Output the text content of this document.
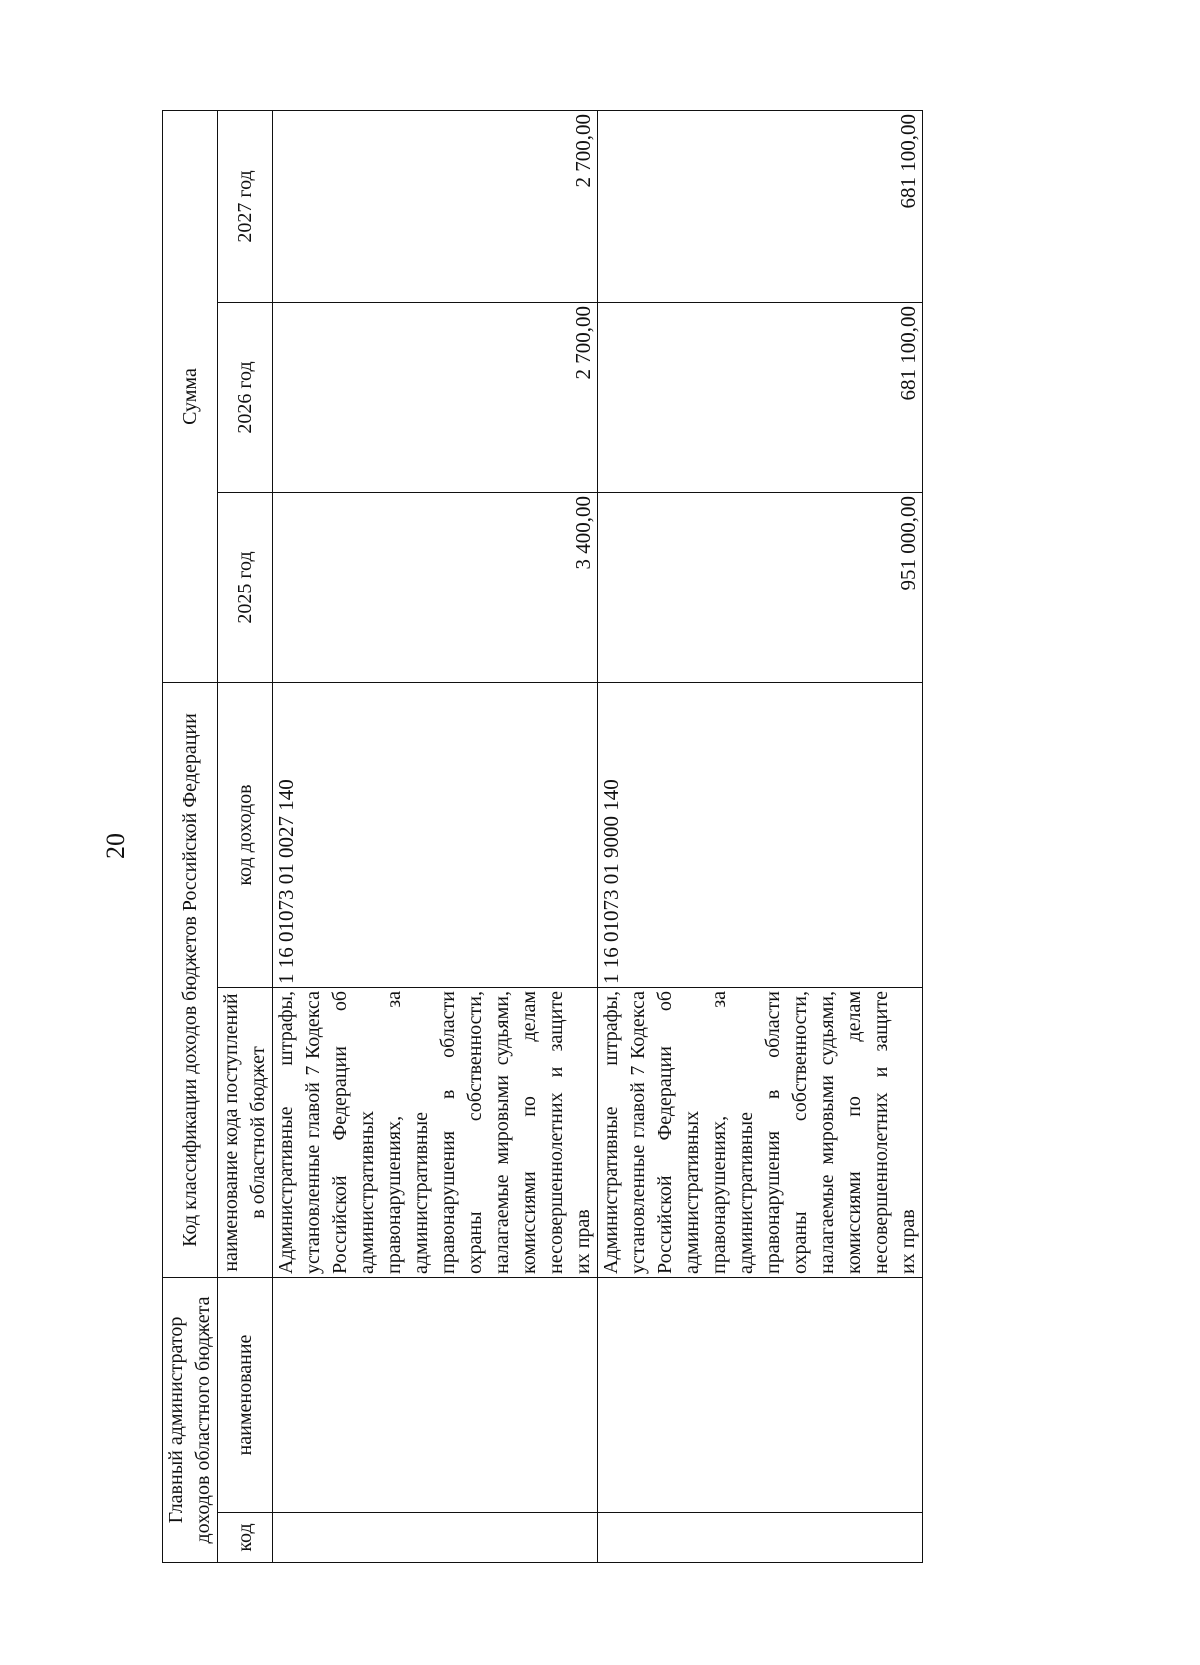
20
Главный администратор доходов областного бюджета		Код классификации доходов бюджетов Российской Федерации		Сумма		
код	наименование	наименование кода поступлений в областной бюджет	код доходов	2025 год	2026 год	2027 год
		Административные штрафы, установленные главой 7 Кодекса Российской Федерации об административных правонарушениях, за административные правонарушения в области охраны собственности, налагаемые мировыми судьями, комиссиями по делам несовершеннолетних и защите их прав	1 16 01073 01 0027 140	3 400,00	2 700,00	2 700,00
		Административные штрафы, установленные главой 7 Кодекса Российской Федерации об административных правонарушениях, за административные правонарушения в области охраны собственности, налагаемые мировыми судьями, комиссиями по делам несовершеннолетних и защите их прав	1 16 01073 01 9000 140	951 000,00	681 100,00	681 100,00
